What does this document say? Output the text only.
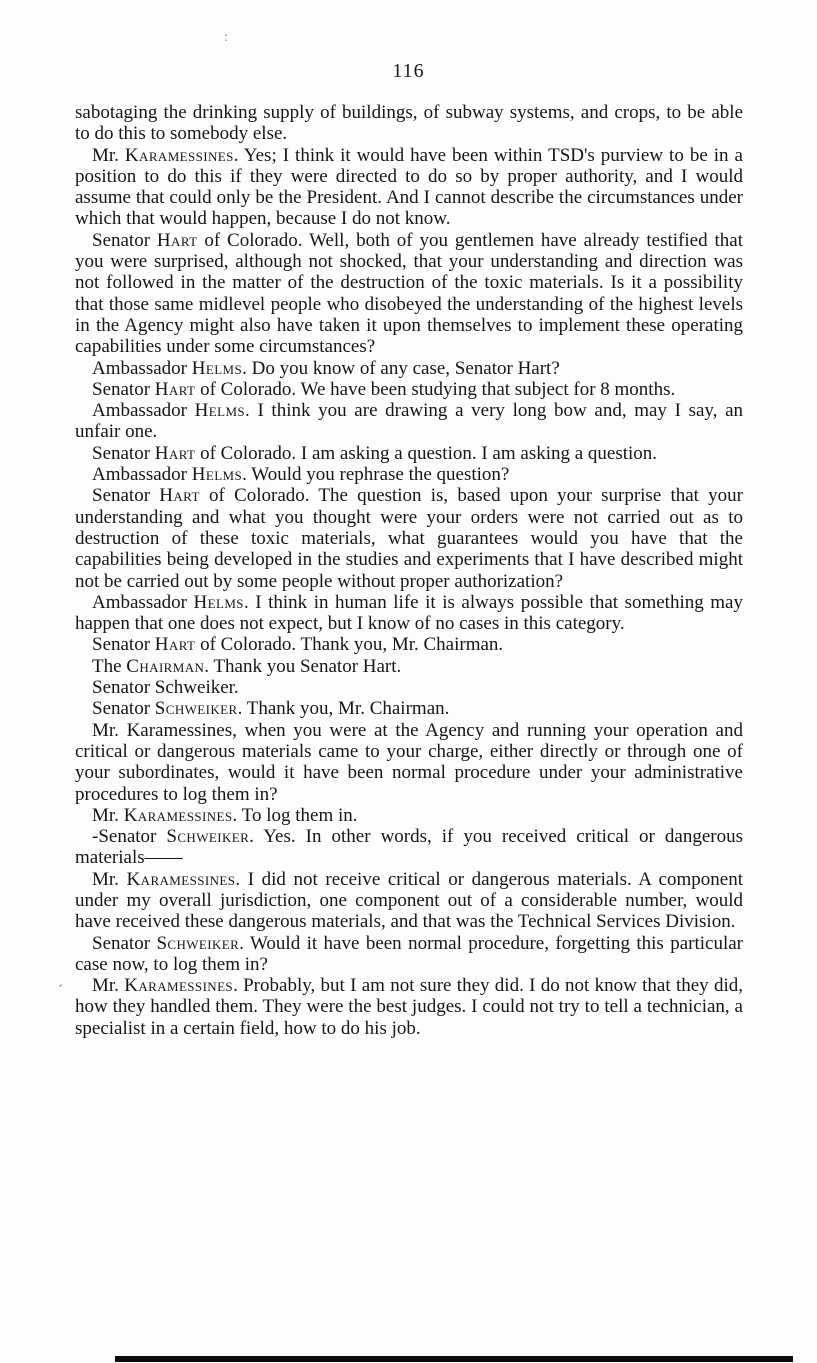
116
:

sabotaging the drinking supply of buildings, of subway systems, and crops, to be able to do this to somebody else.

Mr. Karamessines. Yes; I think it would have been within TSD's purview to be in a position to do this if they were directed to do so by proper authority, and I would assume that could only be the President. And I cannot describe the circumstances under which that would happen, because I do not know.

Senator Hart of Colorado. Well, both of you gentlemen have already testified that you were surprised, although not shocked, that your understanding and direction was not followed in the matter of the destruction of the toxic materials. Is it a possibility that those same midlevel people who disobeyed the understanding of the highest levels in the Agency might also have taken it upon themselves to implement these operating capabilities under some circumstances?

Ambassador Helms. Do you know of any case, Senator Hart?

Senator Hart of Colorado. We have been studying that subject for 8 months.

Ambassador Helms. I think you are drawing a very long bow and, may I say, an unfair one.

Senator Hart of Colorado. I am asking a question. I am asking a question.

Ambassador Helms. Would you rephrase the question?

Senator Hart of Colorado. The question is, based upon your surprise that your understanding and what you thought were your orders were not carried out as to destruction of these toxic materials, what guarantees would you have that the capabilities being developed in the studies and experiments that I have described might not be carried out by some people without proper authorization?

Ambassador Helms. I think in human life it is always possible that something may happen that one does not expect, but I know of no cases in this category.

Senator Hart of Colorado. Thank you, Mr. Chairman.

The Chairman. Thank you Senator Hart.

Senator Schweiker.

Senator Schweiker. Thank you, Mr. Chairman.

Mr. Karamessines, when you were at the Agency and running your operation and critical or dangerous materials came to your charge, either directly or through one of your subordinates, would it have been normal procedure under your administrative procedures to log them in?

Mr. Karamessines. To log them in.

-Senator Schweiker. Yes. In other words, if you received critical or dangerous materials——

Mr. Karamessines. I did not receive critical or dangerous materials. A component under my overall jurisdiction, one component out of a considerable number, would have received these dangerous materials, and that was the Technical Services Division.

Senator Schweiker. Would it have been normal procedure, forgetting this particular case now, to log them in?

Mr. Karamessines. Probably, but I am not sure they did. I do not know that they did, how they handled them. They were the best judges. I could not try to tell a technician, a specialist in a certain field, how to do his job.

´
